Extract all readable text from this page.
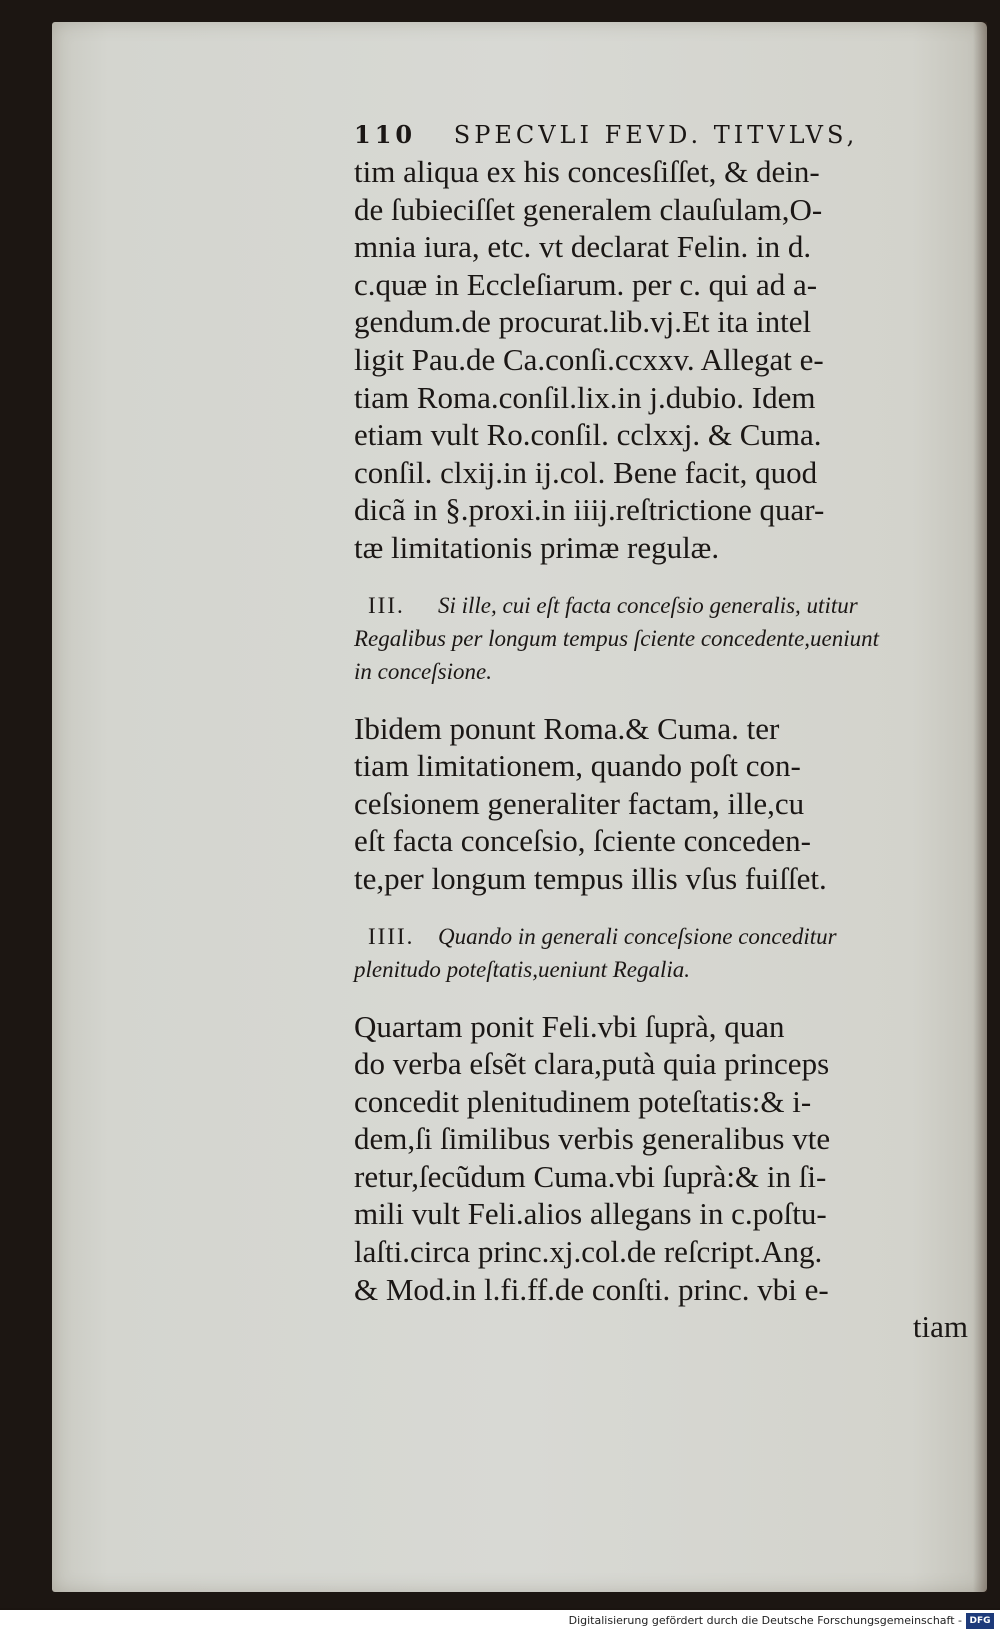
110 SPECVLI FEVD. TITVLVS,
tim aliqua ex his concesſiſſet, & dein-
de ſubieciſſet generalem clauſulam,O-
mnia iura, etc. vt declarat Felin. in d.
c.quæ in Eccleſiarum. per c. qui ad a-
gendum.de procurat.lib.vj.Et ita intel
ligit Pau.de Ca.conſi.ccxxv. Allegat e-
tiam Roma.conſil.lix.in j.dubio. Idem
etiam vult Ro.conſil. cclxxj. & Cuma.
conſil. clxij.in ij.col. Bene facit, quod
dicã in §.proxi.in iiij.reſtrictione quar-
tæ limitationis primæ regulæ.
III. Si ille, cui eſt facta conceſsio generalis, utitur
Regalibus per longum tempus ſciente concedente,ueniunt
in conceſsione.
Ibidem ponunt Roma.& Cuma. ter
tiam limitationem, quando poſt con-
ceſsionem generaliter factam, ille,cu
eſt facta conceſsio, ſciente conceden-
te,per longum tempus illis vſus fuiſſet.
IIII. Quando in generali conceſsione conceditur
plenitudo poteſtatis,ueniunt Regalia.
Quartam ponit Feli.vbi ſuprà, quan
do verba eſsẽt clara,putà quia princeps
concedit plenitudinem poteſtatis:& i-
dem,ſi ſimilibus verbis generalibus vte
retur,ſecũdum Cuma.vbi ſuprà:& in ſi-
mili vult Feli.alios allegans in c.poſtu-
laſti.circa princ.xj.col.de reſcript.Ang.
& Mod.in l.fi.ff.de conſti. princ. vbi e-
tiam
Digitalisierung gefördert durch die Deutsche Forschungsgemeinschaft - DFG
